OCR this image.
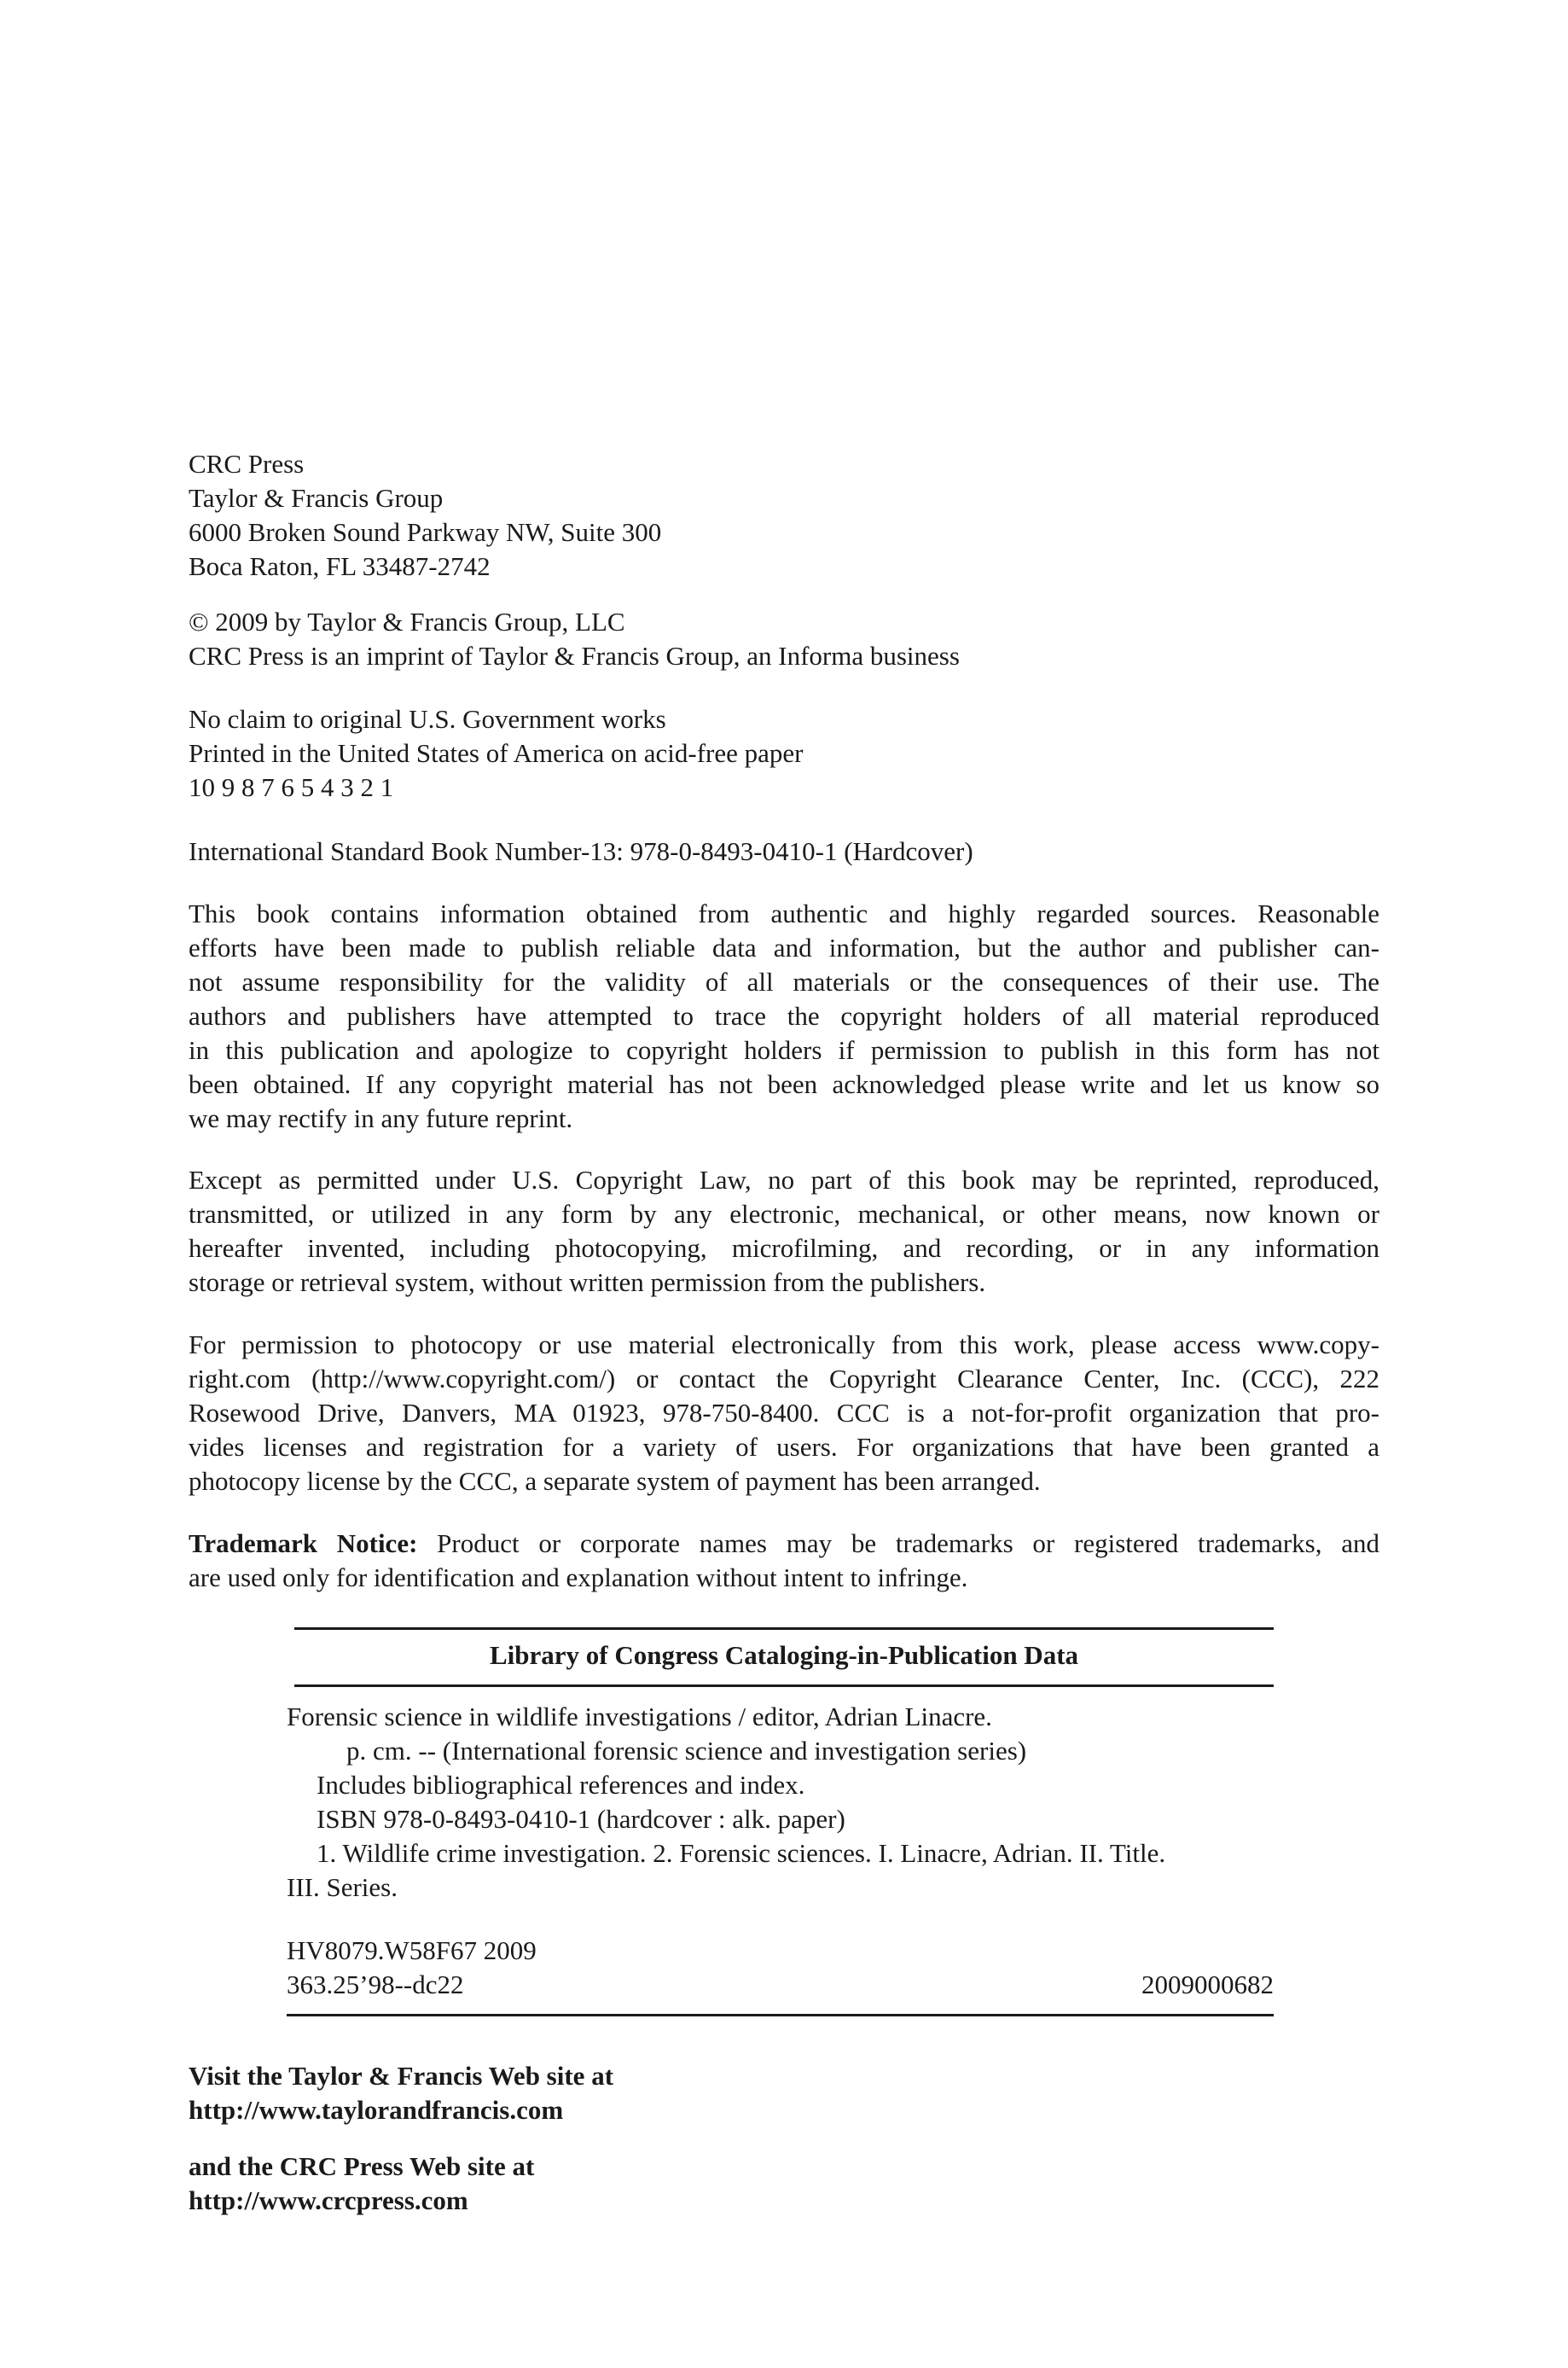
CRC Press
Taylor & Francis Group
6000 Broken Sound Parkway NW, Suite 300
Boca Raton, FL 33487-2742
© 2009 by Taylor & Francis Group, LLC
CRC Press is an imprint of Taylor & Francis Group, an Informa business
No claim to original U.S. Government works
Printed in the United States of America on acid-free paper
10 9 8 7 6 5 4 3 2 1
International Standard Book Number-13: 978-0-8493-0410-1 (Hardcover)
This book contains information obtained from authentic and highly regarded sources. Reasonable
efforts have been made to publish reliable data and information, but the author and publisher can-
not assume responsibility for the validity of all materials or the consequences of their use. The
authors and publishers have attempted to trace the copyright holders of all material reproduced
in this publication and apologize to copyright holders if permission to publish in this form has not
been obtained. If any copyright material has not been acknowledged please write and let us know so
we may rectify in any future reprint.
Except as permitted under U.S. Copyright Law, no part of this book may be reprinted, reproduced,
transmitted, or utilized in any form by any electronic, mechanical, or other means, now known or
hereafter invented, including photocopying, microfilming, and recording, or in any information
storage or retrieval system, without written permission from the publishers.
For permission to photocopy or use material electronically from this work, please access www.copy-
right.com (http://www.copyright.com/) or contact the Copyright Clearance Center, Inc. (CCC), 222
Rosewood Drive, Danvers, MA 01923, 978-750-8400. CCC is a not-for-profit organization that pro-
vides licenses and registration for a variety of users. For organizations that have been granted a
photocopy license by the CCC, a separate system of payment has been arranged.
Trademark Notice: Product or corporate names may be trademarks or registered trademarks, and
are used only for identification and explanation without intent to infringe.
Library of Congress Cataloging-in-Publication Data
Forensic science in wildlife investigations / editor, Adrian Linacre.
p. cm. -- (International forensic science and investigation series)
Includes bibliographical references and index.
ISBN 978-0-8493-0410-1 (hardcover : alk. paper)
1. Wildlife crime investigation. 2. Forensic sciences. I. Linacre, Adrian. II. Title.
III. Series.
HV8079.W58F67 2009
363.25’98--dc22	2009000682
Visit the Taylor & Francis Web site at
http://www.taylorandfrancis.com
and the CRC Press Web site at
http://www.crcpress.com
